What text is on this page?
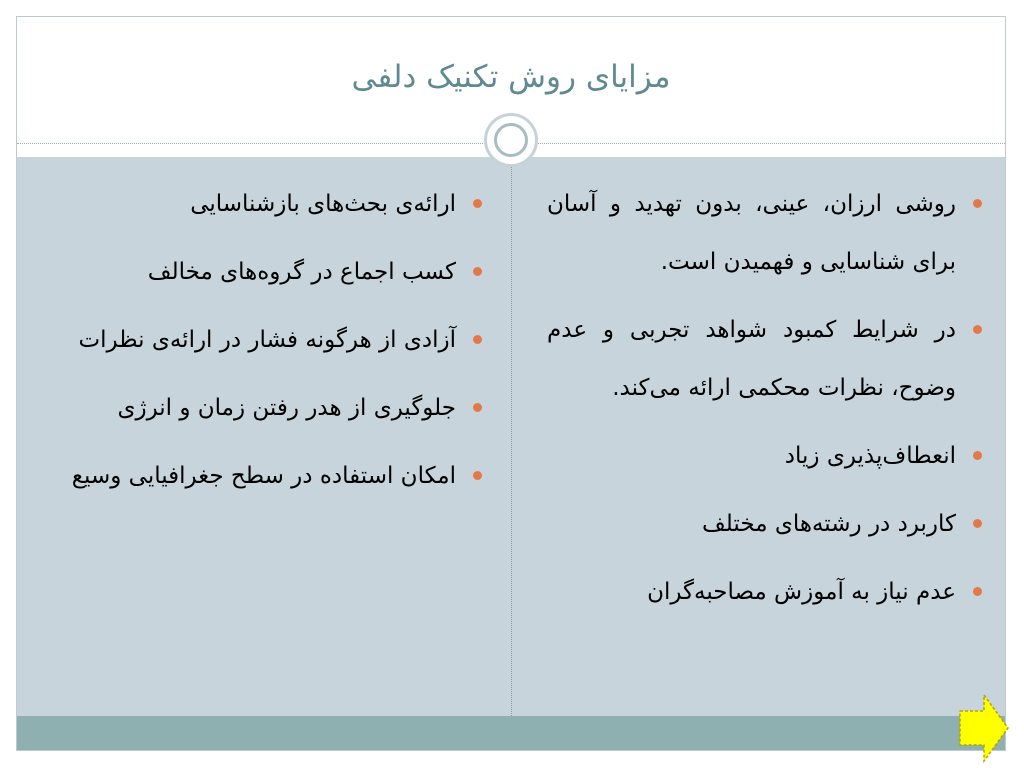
مزایای روش تکنیک دلفی
روشی ارزان، عینی، بدون تهدید و آسان برای شناسایی و فهمیدن است.
در شرایط کمبود شواهد تجربی و عدم وضوح، نظرات محکمی ارائه می‌کند.
انعطاف‌پذیری زیاد
کاربرد در رشته‌های مختلف
عدم نیاز به آموزش مصاحبه‌گران
ارائه‌ی بحث‌های بازشناسایی
کسب اجماع در گروه‌های مخالف
آزادی از هرگونه فشار در ارائه‌ی نظرات
جلوگیری از هدر رفتن زمان و انرژی
امکان استفاده در سطح جغرافیایی وسیع
